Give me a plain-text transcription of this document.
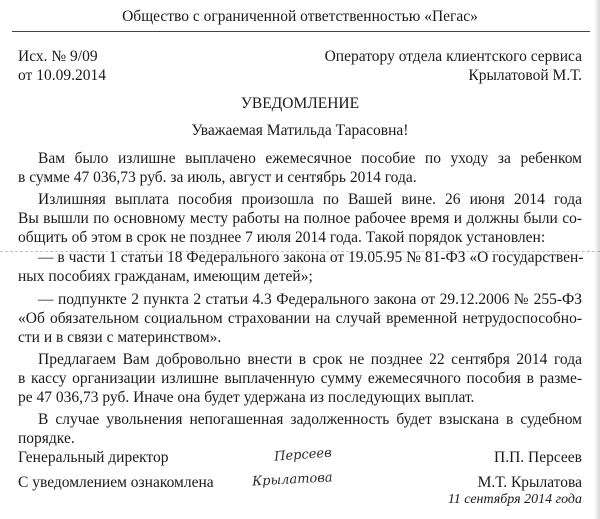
Общество с ограниченной ответственностью «Пегас»
Исх. № 9/09	Оператору отдела клиентского сервиса
от 10.09.2014	Крылатовой М.Т.
УВЕДОМЛЕНИЕ
Уважаемая Матильда Тарасовна!
Вам было излишне выплачено ежемесячное пособие по уходу за ребенком
в сумме 47 036,73 руб. за июль, август и сентябрь 2014 года.
Излишняя выплата пособия произошла по Вашей вине. 26 июня 2014 года
Вы вышли по основному месту работы на полное рабочее время и должны были со-
общить об этом в срок не позднее 7 июля 2014 года. Такой порядок установлен:
— в части 1 статьи 18 Федерального закона от 19.05.95 № 81-ФЗ «О государствен-
ных пособиях гражданам, имеющим детей»;
— подпункте 2 пункта 2 статьи 4.3 Федерального закона от 29.12.2006 № 255-ФЗ
«Об обязательном социальном страховании на случай временной нетрудоспособно-
сти и в связи с материнством».
Предлагаем Вам добровольно внести в срок не позднее 22 сентября 2014 года
в кассу организации излишне выплаченную сумму ежемесячного пособия в разме-
ре 47 036,73 руб. Иначе она будет удержана из последующих выплат.
В случае увольнения непогашенная задолженность будет взыскана в судебном
порядке.
Генеральный директор	Персеев	П.П. Персеев
С уведомлением ознакомлена	Крылатова	М.Т. Крылатова
11 сентября 2014 года
